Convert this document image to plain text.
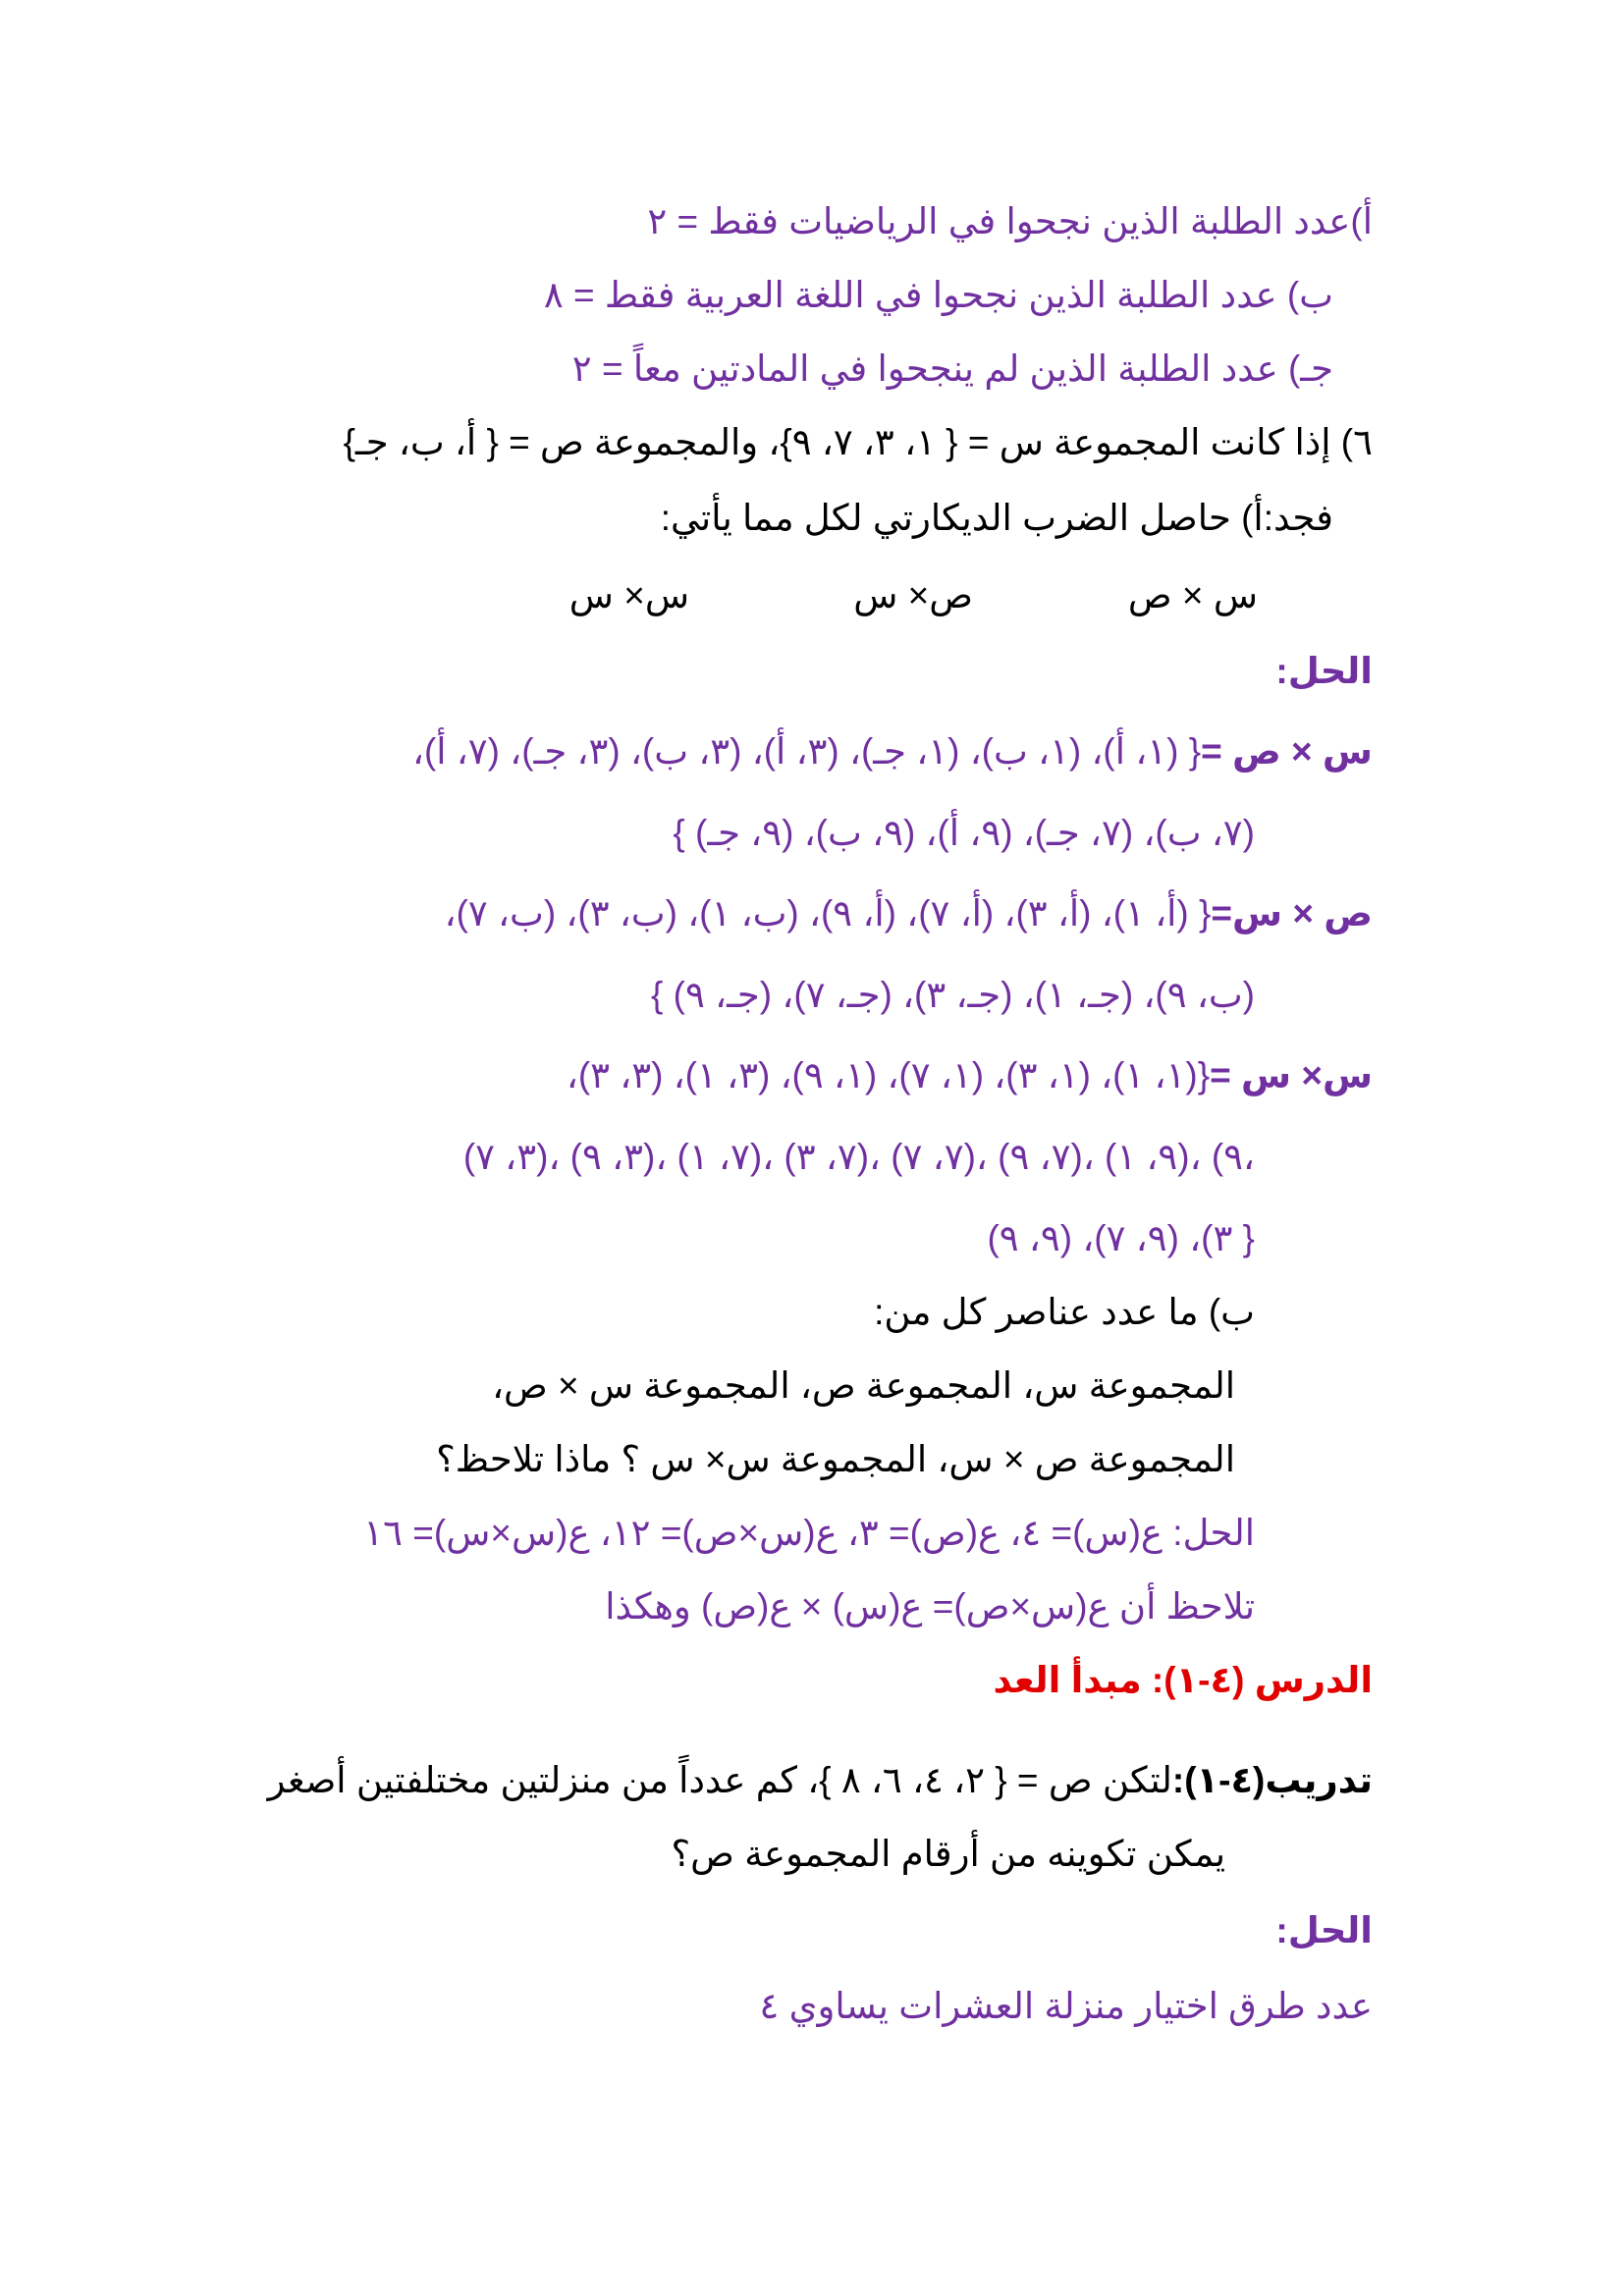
أ)عدد الطلبة الذين نجحوا في الرياضيات فقط = ٢
ب) عدد الطلبة الذين نجحوا في اللغة العربية فقط = ٨
جـ) عدد الطلبة الذين لم ينجحوا في المادتين معاً = ٢
٦) إذا كانت المجموعة س = { ١، ٣، ٧، ٩}، والمجموعة ص = { أ، ب، جـ}
فجد:أ) حاصل الضرب الديكارتي لكل مما يأتي:
س × ص
ص× س
س× س
الحل:
س × ص ={ (١، أ)، (١، ب)، (١، جـ)، (٣، أ)، (٣، ب)، (٣، جـ)، (٧، أ)،
(٧، ب)، (٧، جـ)، (٩، أ)، (٩، ب)، (٩، جـ) }
ص × س={ (أ، ١)، (أ، ٣)، (أ، ٧)، (أ، ٩)، (ب، ١)، (ب، ٣)، (ب، ٧)،
(ب، ٩)، (جـ، ١)، (جـ، ٣)، (جـ، ٧)، (جـ، ٩) }
س× س ={(١، ١)، (١، ٣)، (١، ٧)، (١، ٩)، (٣، ١)، (٣، ٣)،
(٣، ٧)، (٣، ٩)، (٧، ١)، (٧، ٣)، (٧، ٧)، (٧، ٩)، (٩، ١)، (٩،
٣)، (٩، ٧)، (٩، ٩) }
ب) ما عدد عناصر كل من:
المجموعة س، المجموعة ص، المجموعة س × ص،
المجموعة ص × س، المجموعة س× س ؟ ماذا تلاحظ؟
الحل: ع(س)= ٤، ع(ص)= ٣، ع(س×ص)= ١٢، ع(س×س)= ١٦
تلاحظ أن ع(س×ص)= ع(س) × ع(ص) وهكذا
الدرس (٤-١): مبدأ العد
تدريب(٤-١):لتكن ص = { ٢، ٤، ٦، ٨ }، كم عدداً من منزلتين مختلفتين أصغر
يمكن تكوينه من أرقام المجموعة ص؟
الحل:
عدد طرق اختيار منزلة العشرات يساوي ٤
